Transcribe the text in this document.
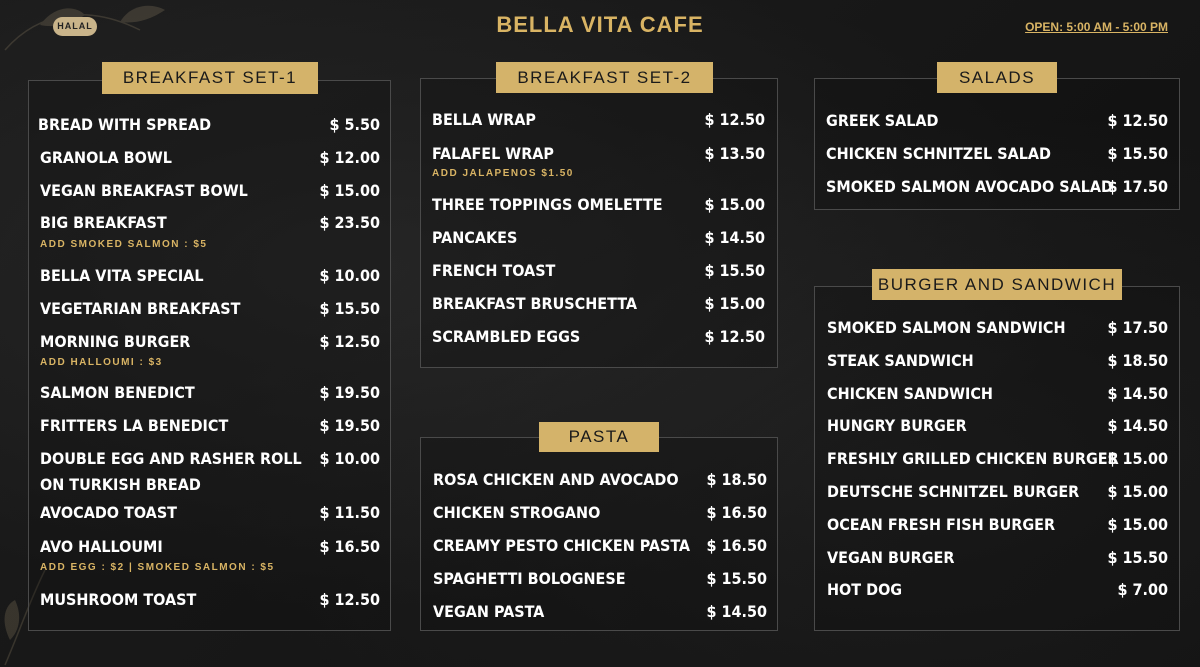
HALAL	BELLA VITA CAFE	OPEN: 5:00 AM - 5:00 PM
BREAKFAST SET-1	BREAKFAST SET-2
PASTA
SALADS
BURGER AND SANDWICH
BREAD WITH SPREAD	$ 5.50
GRANOLA BOWL	$ 12.00
VEGAN BREAKFAST BOWL	$ 15.00
BIG BREAKFAST	$ 23.50
ADD SMOKED SALMON : $5
BELLA VITA SPECIAL	$ 10.00
VEGETARIAN BREAKFAST	$ 15.50
MORNING BURGER	$ 12.50
ADD HALLOUMI : $3
SALMON BENEDICT	$ 19.50
FRITTERS LA BENEDICT	$ 19.50
DOUBLE EGG AND RASHER ROLL $ 10.00
ON TURKISH BREAD
AVOCADO TOAST	$ 11.50
AVO HALLOUMI	$ 16.50
ADD EGG : $2 | SMOKED SALMON : $5
MUSHROOM TOAST	$ 12.50
BELLA WRAP	$ 12.50
FALAFEL WRAP	$ 13.50
ADD JALAPENOS $1.50
THREE TOPPINGS OMELETTE	$ 15.00
PANCAKES	$ 14.50
FRENCH TOAST	$ 15.50
BREAKFAST BRUSCHETTA	$ 15.00
SCRAMBLED EGGS	$ 12.50
ROSA CHICKEN AND AVOCADO $ 18.50
CHICKEN STROGANO	$ 16.50
CREAMY PESTO CHICKEN PASTA $ 16.50
SPAGHETTI BOLOGNESE	$ 15.50
VEGAN PASTA	$ 14.50
GREEK SALAD	$ 12.50
CHICKEN SCHNITZEL SALAD	$ 15.50
SMOKED SALMON AVOCADO SALAD
$ 17.50
SMOKED SALMON SANDWICH	$ 17.50
STEAK SANDWICH	$ 18.50
CHICKEN SANDWICH	$ 14.50
HUNGRY BURGER	$ 14.50
FRESHLY GRILLED CHICKEN BURGER
$ 15.00
DEUTSCHE SCHNITZEL BURGER $ 15.00
OCEAN FRESH FISH BURGER	$ 15.00
VEGAN BURGER	$ 15.50
HOT DOG	$ 7.00
